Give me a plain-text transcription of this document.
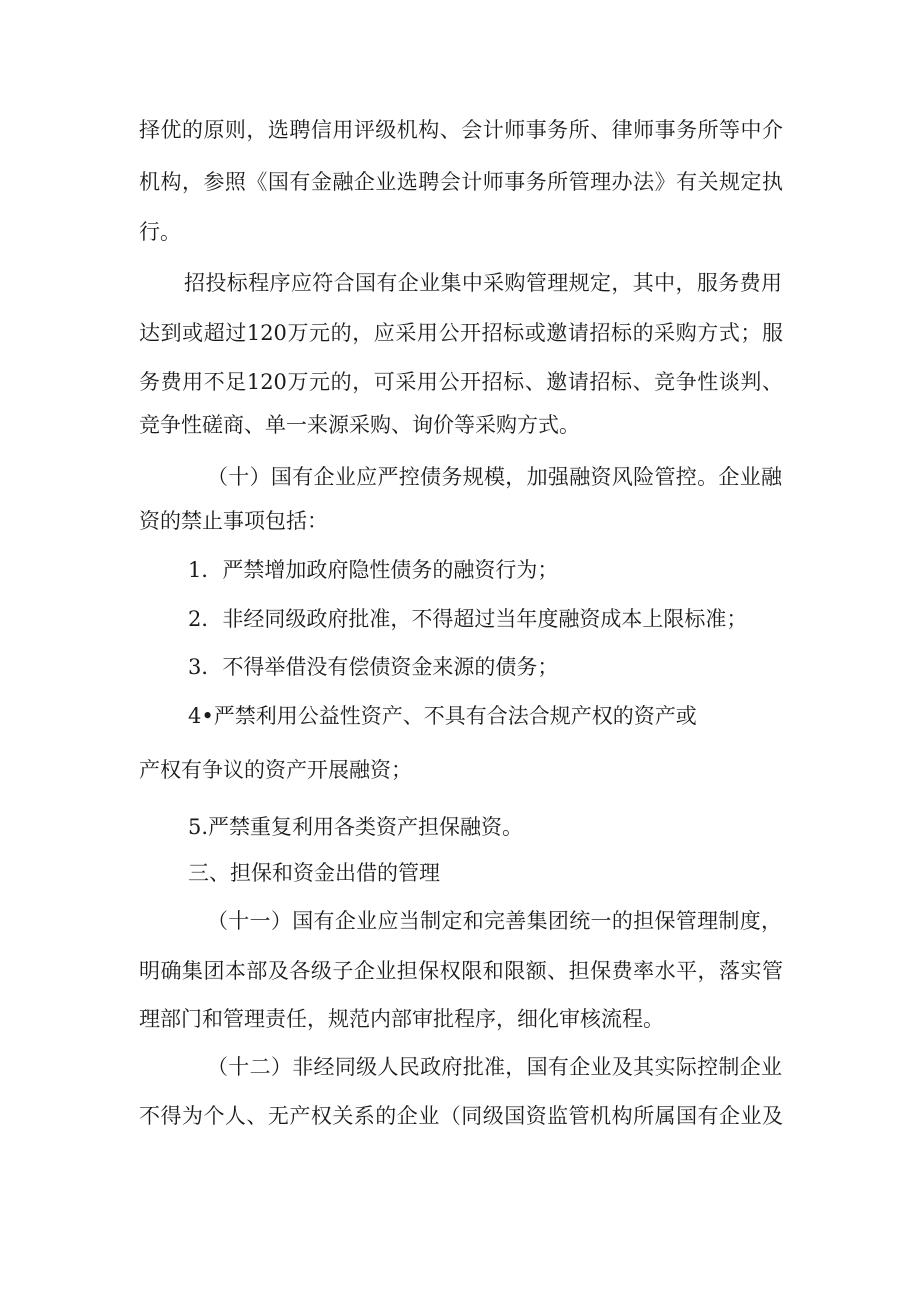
择优的原则，选聘信用评级机构、会计师事务所、律师事务所等中介
机构，参照《国有金融企业选聘会计师事务所管理办法》有关规定执
行。
招投标程序应符合国有企业集中采购管理规定，其中，服务费用
达到或超过120万元的，应采用公开招标或邀请招标的采购方式；服
务费用不足120万元的，可采用公开招标、邀请招标、竞争性谈判、
竞争性磋商、单一来源采购、询价等采购方式。
（十）国有企业应严控债务规模，加强融资风险管控。企业融
资的禁止事项包括：
1．严禁增加政府隐性债务的融资行为；
2．非经同级政府批准，不得超过当年度融资成本上限标准；
3．不得举借没有偿债资金来源的债务；
4•严禁利用公益性资产、不具有合法合规产权的资产或
产权有争议的资产开展融资；
5.严禁重复利用各类资产担保融资。
三、担保和资金出借的管理
（十一）国有企业应当制定和完善集团统一的担保管理制度，
明确集团本部及各级子企业担保权限和限额、担保费率水平，落实管
理部门和管理责任，规范内部审批程序，细化审核流程。
（十二）非经同级人民政府批准，国有企业及其实际控制企业
不得为个人、无产权关系的企业（同级国资监管机构所属国有企业及
